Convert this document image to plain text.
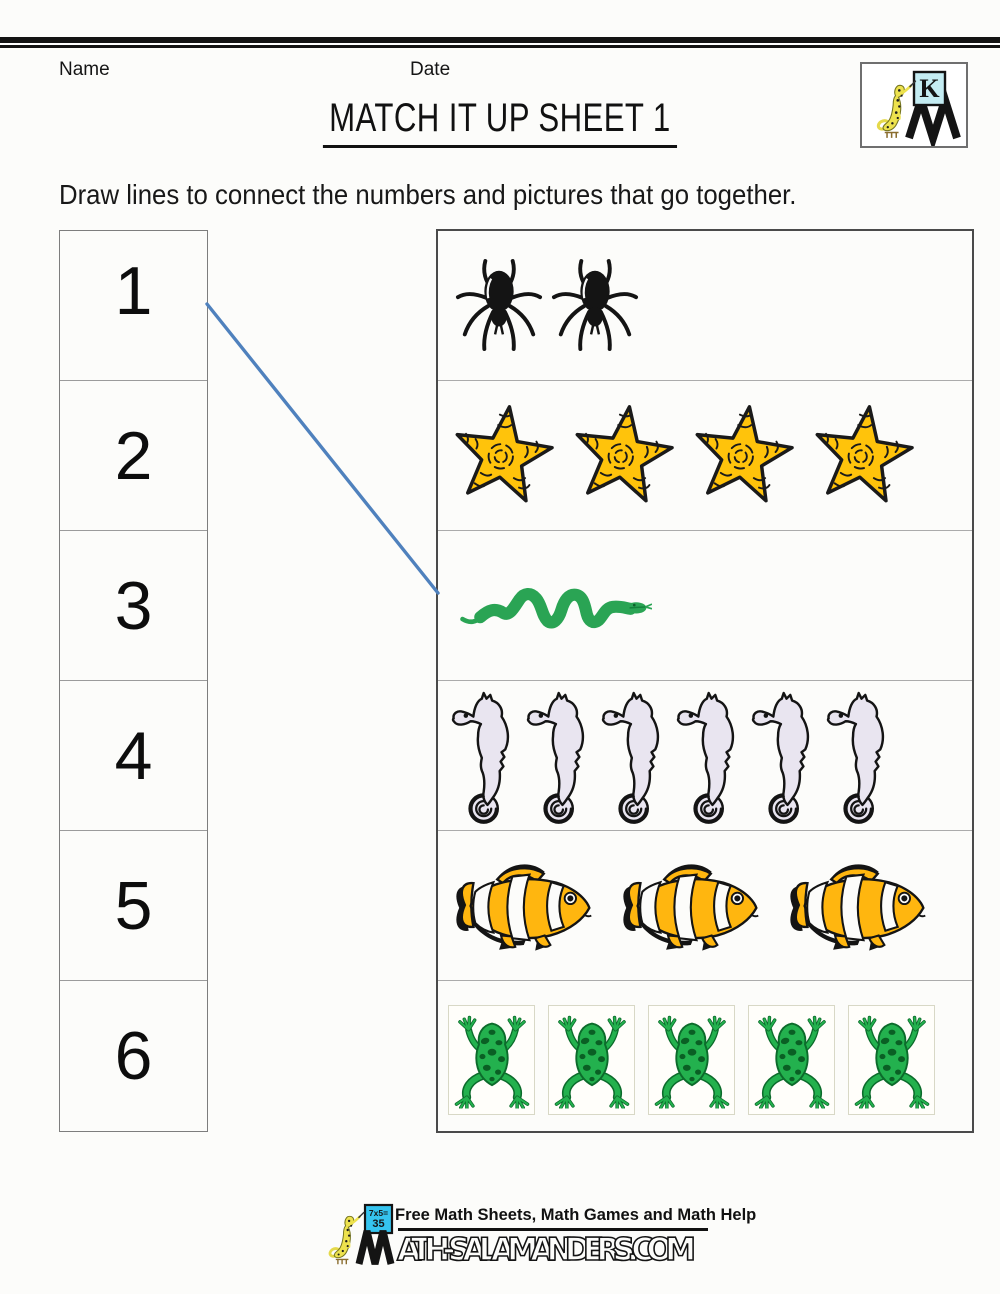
Name	Date
K
MATCH IT UP SHEET 1
Draw lines to connect the numbers and pictures that go together.
1
2
3
4
5
6
7x5=
35 Free Math Sheets, Math Games and Math Help
ATH-SALAMANDERS.COM
